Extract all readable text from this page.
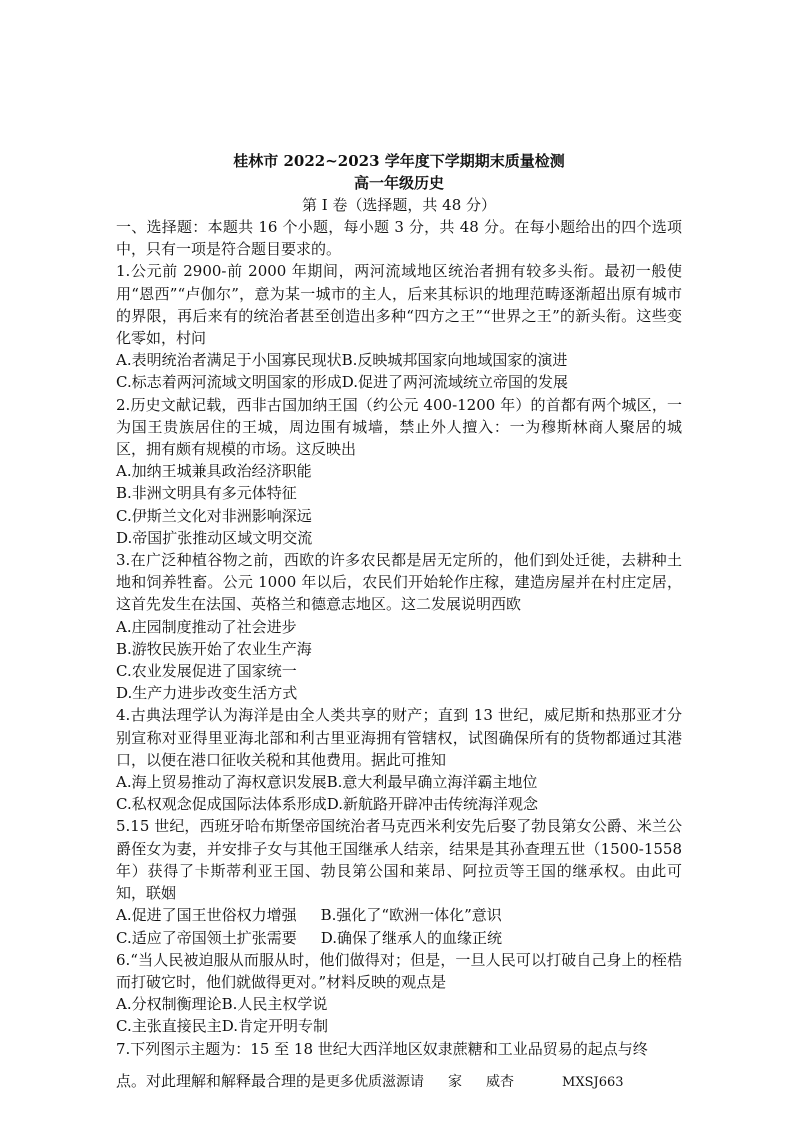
桂林市 2022~2023 学年度下学期期末质量检测
高一年级历史
第 I 卷（选择题，共 48 分）

一、选择题：本题共 16 个小题，每小题 3 分，共 48 分。在每小题给出的四个选项中，只有一项是符合题目要求的。

1.公元前 2900-前 2000 年期间，两河流域地区统治者拥有较多头衔。最初一般使用“恩西”“卢伽尔”，意为某一城市的主人，后来其标识的地理范畴逐渐超出原有城市的界限，再后来有的统治者甚至创造出多种“四方之王”“世界之王”的新头衔。这些变化零如，村问

A.表明统治者满足于小国寡民现状B.反映城邦国家向地域国家的演进

C.标志着两河流域文明国家的形成D.促进了两河流域统立帝国的发展

2.历史文献记载，西非古国加纳王国（约公元 400-1200 年）的首都有两个城区，一为国王贵族居住的王城，周边围有城墙，禁止外人擅入：一为穆斯林商人聚居的城区，拥有颇有规模的市场。这反映出

A.加纳王城兼具政治经济职能

B.非洲文明具有多元体特征

C.伊斯兰文化对非洲影响深远

D.帝国扩张推动区域文明交流

3.在广泛种植谷物之前，西欧的许多农民都是居无定所的，他们到处迁徙，去耕种土地和饲养牲畜。公元 1000 年以后，农民们开始轮作庄稼，建造房屋并在村庄定居，这首先发生在法国、英格兰和德意志地区。这二发展说明西欧

A.庄园制度推动了社会进步

B.游牧民族开始了农业生产海

C.农业发展促进了国家统一

D.生产力进步改变生活方式

4.古典法理学认为海洋是由全人类共享的财产；直到 13 世纪，威尼斯和热那亚才分别宣称对亚得里亚海北部和利古里亚海拥有管辖权，试图确保所有的货物都通过其港口，以便在港口征收关税和其他费用。据此可推知

A.海上贸易推动了海权意识发展B.意大利最早确立海洋霸主地位

C.私权观念促成国际法体系形成D.新航路开辟冲击传统海洋观念

5.15 世纪，西班牙哈布斯堡帝国统治者马克西米利安先后娶了勃艮第女公爵、米兰公爵侄女为妻，并安排子女与其他王国继承人结亲，结果是其孙查理五世（1500-1558 年）获得了卡斯蒂利亚王国、勃艮第公国和莱昂、阿拉贡等王国的继承权。由此可知，联姻

A.促进了国王世俗权力增强 B.强化了“欧洲一体化”意识

C.适应了帝国领土扩张需要 D.确保了继承人的血缘正统

6.“当人民被迫服从而服从时，他们做得对；但是，一旦人民可以打破自己身上的桎梏而打破它时，他们就做得更对。”材料反映的观点是

A.分权制衡理论B.人民主权学说

C.主张直接民主D.肯定开明专制

7.下列图示主题为：15 至 18 世纪大西洋地区奴隶蔗糖和工业品贸易的起点与终

点。对此理解和解释最合理的是更多优质滋源请 家 威杏	MXSJ663
